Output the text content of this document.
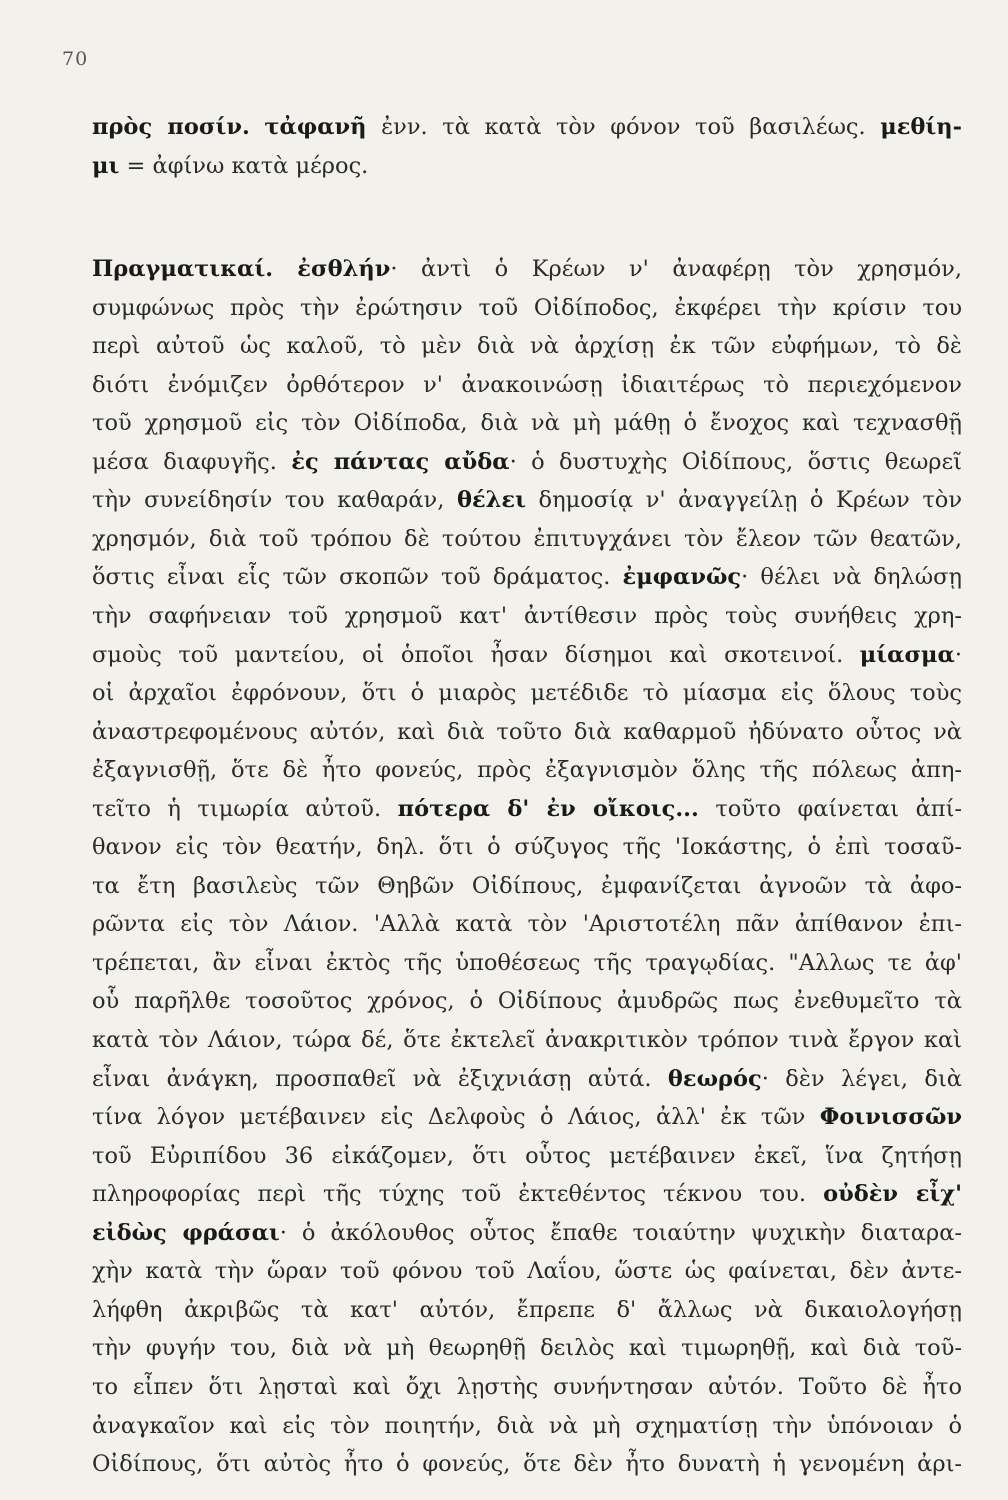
70
πρὸς ποσίν. τἀφανῆ ἐνν. τὰ κατὰ τὸν φόνον τοῦ βασιλέως. μεθίη-
μι = ἀφίνω κατὰ μέρος.
Πραγματικαί. ἐσθλήν· ἀντὶ ὁ Κρέων ν' ἀναφέρῃ τὸν χρησμόν,
συμφώνως πρὸς τὴν ἐρώτησιν τοῦ Οἰδίποδος, ἐκφέρει τὴν κρίσιν του
περὶ αὐτοῦ ὡς καλοῦ, τὸ μὲν διὰ νὰ ἀρχίσῃ ἐκ τῶν εὐφήμων, τὸ δὲ
διότι ἐνόμιζεν ὀρθότερον ν' ἀνακοινώσῃ ἰδιαιτέρως τὸ περιεχόμενον
τοῦ χρησμοῦ εἰς τὸν Οἰδίποδα, διὰ νὰ μὴ μάθῃ ὁ ἔνοχος καὶ τεχνασθῇ
μέσα διαφυγῆς. ἐς πάντας αὔδα· ὁ δυστυχὴς Οἰδίπους, ὅστις θεωρεῖ
τὴν συνείδησίν του καθαράν, θέλει δημοσίᾳ ν' ἀναγγείλῃ ὁ Κρέων τὸν
χρησμόν, διὰ τοῦ τρόπου δὲ τούτου ἐπιτυγχάνει τὸν ἔλεον τῶν θεατῶν,
ὅστις εἶναι εἷς τῶν σκοπῶν τοῦ δράματος. ἐμφανῶς· θέλει νὰ δηλώσῃ
τὴν σαφήνειαν τοῦ χρησμοῦ κατ' ἀντίθεσιν πρὸς τοὺς συνήθεις χρη-
σμοὺς τοῦ μαντείου, οἱ ὁποῖοι ἦσαν δίσημοι καὶ σκοτεινοί. μίασμα·
οἱ ἀρχαῖοι ἐφρόνουν, ὅτι ὁ μιαρὸς μετέδιδε τὸ μίασμα εἰς ὅλους τοὺς
ἀναστρεφομένους αὐτόν, καὶ διὰ τοῦτο διὰ καθαρμοῦ ἠδύνατο οὗτος νὰ
ἐξαγνισθῇ, ὅτε δὲ ἦτο φονεύς, πρὸς ἐξαγνισμὸν ὅλης τῆς πόλεως ἀπη-
τεῖτο ἡ τιμωρία αὐτοῦ. πότερα δ' ἐν οἴκοις... τοῦτο φαίνεται ἀπί-
θανον εἰς τὸν θεατήν, δηλ. ὅτι ὁ σύζυγος τῆς 'Ιοκάστης, ὁ ἐπὶ τοσαῦ-
τα ἔτη βασιλεὺς τῶν Θηβῶν Οἰδίπους, ἐμφανίζεται ἀγνοῶν τὰ ἀφο-
ρῶντα εἰς τὸν Λάιον. 'Αλλὰ κατὰ τὸν 'Αριστοτέλη πᾶν ἀπίθανον ἐπι-
τρέπεται, ἂν εἶναι ἐκτὸς τῆς ὑποθέσεως τῆς τραγῳδίας. "Αλλως τε ἀφ'
οὗ παρῆλθε τοσοῦτος χρόνος, ὁ Οἰδίπους ἀμυδρῶς πως ἐνεθυμεῖτο τὰ
κατὰ τὸν Λάιον, τώρα δέ, ὅτε ἐκτελεῖ ἀνακριτικὸν τρόπον τινὰ ἔργον καὶ
εἶναι ἀνάγκη, προσπαθεῖ νὰ ἐξιχνιάσῃ αὐτά. θεωρός· δὲν λέγει, διὰ
τίνα λόγον μετέβαινεν εἰς Δελφοὺς ὁ Λάιος, ἀλλ' ἐκ τῶν Φοινισσῶν
τοῦ Εὐριπίδου 36 εἰκάζομεν, ὅτι οὗτος μετέβαινεν ἐκεῖ, ἵνα ζητήσῃ
πληροφορίας περὶ τῆς τύχης τοῦ ἐκτεθέντος τέκνου του. οὐδὲν εἶχ'
εἰδὼς φράσαι· ὁ ἀκόλουθος οὗτος ἔπαθε τοιαύτην ψυχικὴν διαταρα-
χὴν κατὰ τὴν ὥραν τοῦ φόνου τοῦ Λαΐου, ὥστε ὡς φαίνεται, δὲν ἀντε-
λήφθη ἀκριβῶς τὰ κατ' αὐτόν, ἔπρεπε δ' ἄλλως νὰ δικαιολογήσῃ
τὴν φυγήν του, διὰ νὰ μὴ θεωρηθῇ δειλὸς καὶ τιμωρηθῇ, καὶ διὰ τοῦ-
το εἶπεν ὅτι λῃσταὶ καὶ ὄχι λῃστὴς συνήντησαν αὐτόν. Τοῦτο δὲ ἦτο
ἀναγκαῖον καὶ εἰς τὸν ποιητήν, διὰ νὰ μὴ σχηματίσῃ τὴν ὑπόνοιαν ὁ
Οἰδίπους, ὅτι αὐτὸς ἦτο ὁ φονεύς, ὅτε δὲν ἦτο δυνατὴ ἡ γενομένη ἀρι-
